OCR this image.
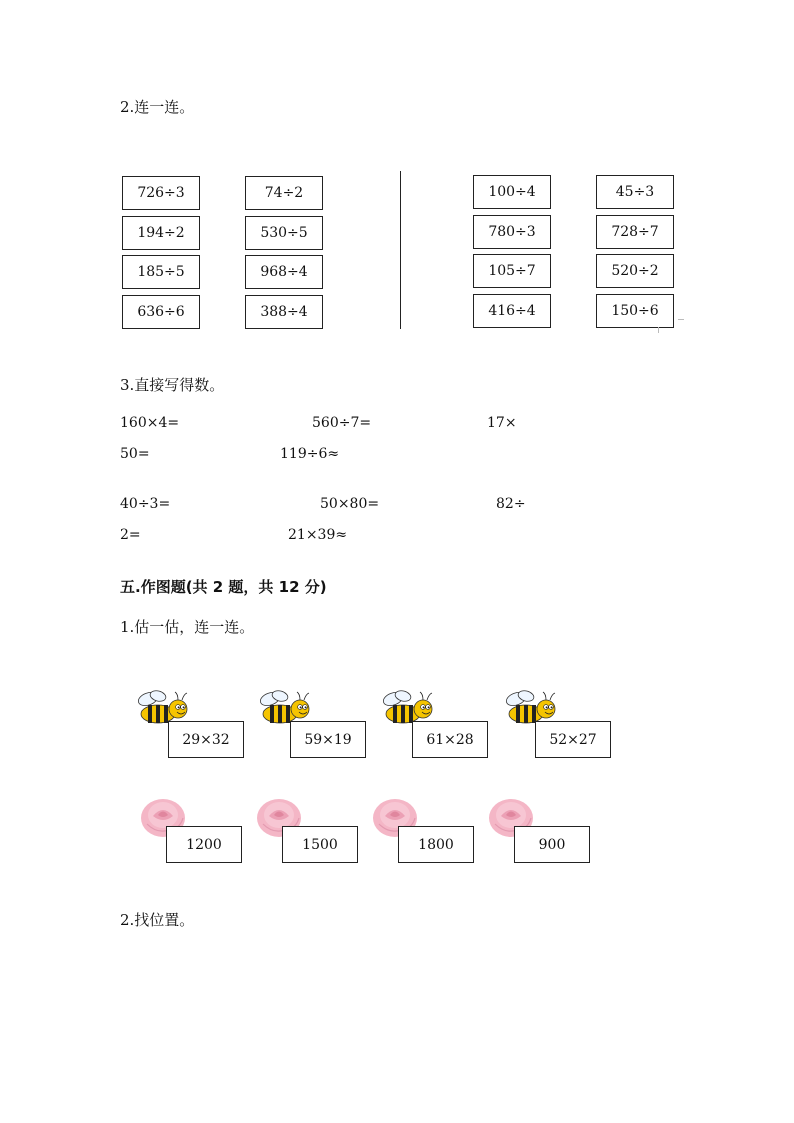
2.连一连。
726÷3
194÷2
185÷5
636÷6
74÷2
530÷5
968÷4
388÷4
100÷4
780÷3
105÷7
416÷4
45÷3
728÷7
520÷2
150÷6
3.直接写得数。
160×4=	560÷7=	17×
50=	119÷6≈
40÷3=	50×80=	82÷
2=	21×39≈
五.作图题(共 2 题，共 12 分)
1.估一估，连一连。
29×32	59×19	61×28	52×27
1200	1500	1800	900
2.找位置。
